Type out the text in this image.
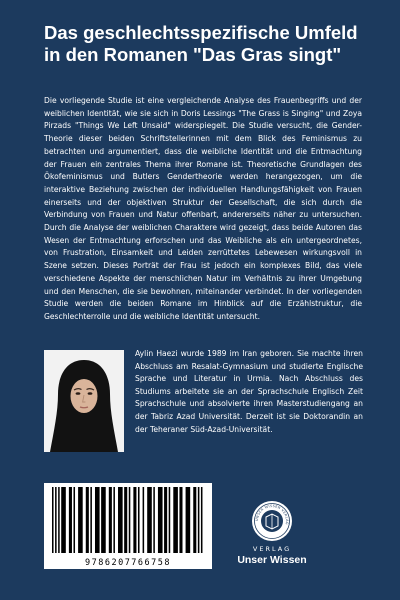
Das geschlechtsspezifische Umfeld in den Romanen "Das Gras singt"

Die vorliegende Studie ist eine vergleichende Analyse des Frauenbegriffs und der weiblichen Identität, wie sie sich in Doris Lessings "The Grass is Singing" und Zoya Pirzads "Things We Left Unsaid" widerspiegelt. Die Studie versucht, die Gender-Theorie dieser beiden Schriftstellerinnen mit dem Blick des Feminismus zu betrachten und argumentiert, dass die weibliche Identität und die Entmachtung der Frauen ein zentrales Thema ihrer Romane ist. Theoretische Grundlagen des Ökofeminismus und Butlers Gendertheorie werden herangezogen, um die interaktive Beziehung zwischen der individuellen Handlungsfähigkeit von Frauen einerseits und der objektiven Struktur der Gesellschaft, die sich durch die Verbindung von Frauen und Natur offenbart, andererseits näher zu untersuchen. Durch die Analyse der weiblichen Charaktere wird gezeigt, dass beide Autoren das Wesen der Entmachtung erforschen und das Weibliche als ein untergeordnetes, von Frustration, Einsamkeit und Leiden zerrüttetes Lebewesen wirkungsvoll in Szene setzen. Dieses Porträt der Frau ist jedoch ein komplexes Bild, das viele verschiedene Aspekte der menschlichen Natur im Verhältnis zu ihrer Umgebung und den Menschen, die sie bewohnen, miteinander verbindet. In der vorliegenden Studie werden die beiden Romane im Hinblick auf die Erzählstruktur, die Geschlechterrolle und die weibliche Identität untersucht.

Aylin Haezi wurde 1989 im Iran geboren. Sie machte ihren Abschluss am Resalat-Gymnasium und studierte Englische Sprache und Literatur in Urmia. Nach Abschluss des Studiums arbeitete sie an der Sprachschule Englisch Zeit Sprachschule und absolvierte ihren Masterstudiengang an der Tabriz Azad Universität. Derzeit ist sie Doktorandin an der Teheraner Süd-Azad-Universität.

9786207766758
UNSER WISSEN VERLAG
VERLAG
Unser Wissen
